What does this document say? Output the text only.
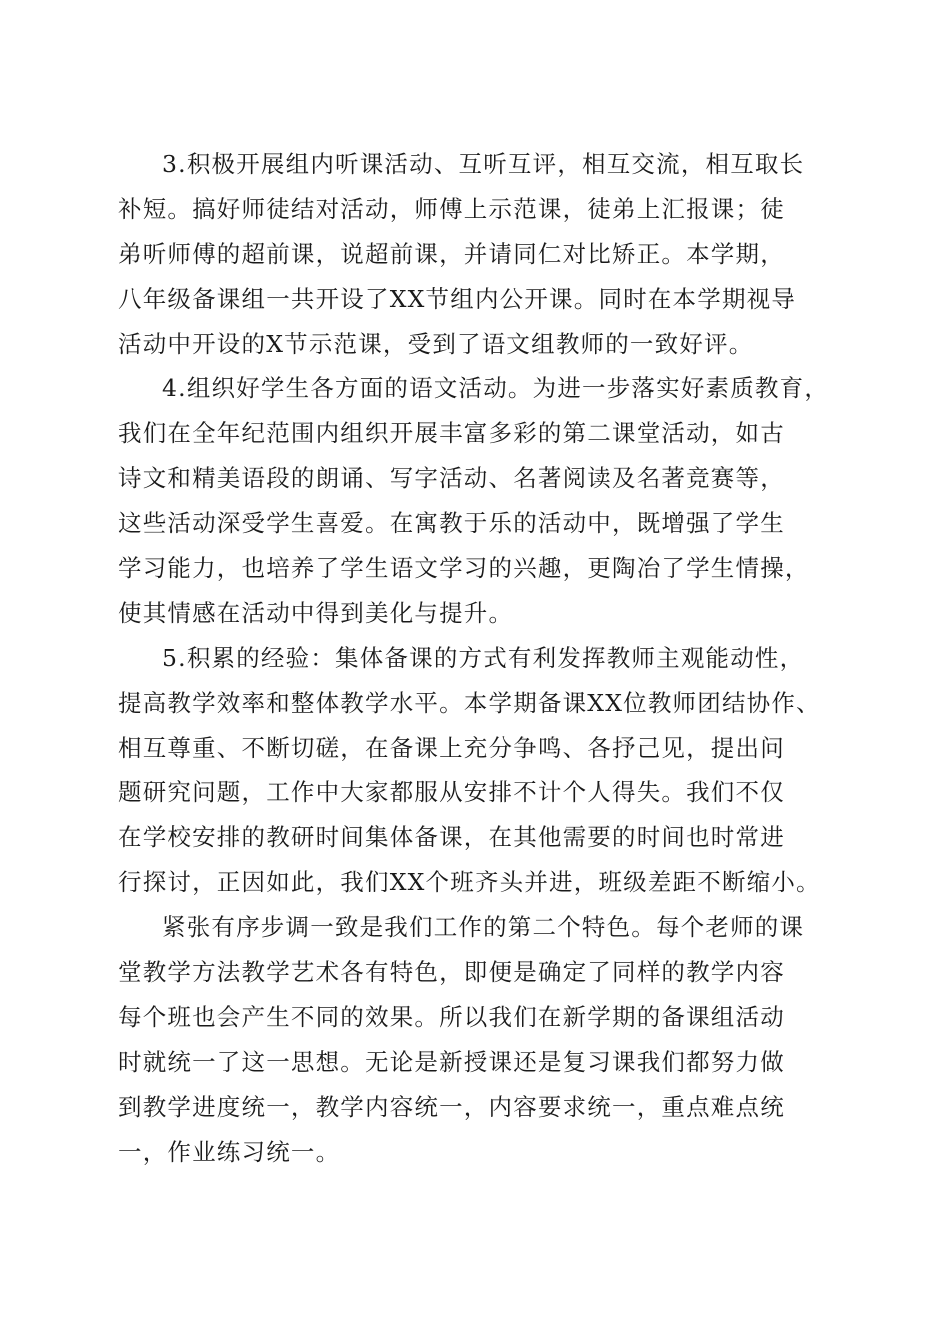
3.积极开展组内听课活动、互听互评，相互交流，相互取长
补短。搞好师徒结对活动，师傅上示范课，徒弟上汇报课；徒
弟听师傅的超前课，说超前课，并请同仁对比矫正。本学期，
八年级备课组一共开设了XX节组内公开课。同时在本学期视导
活动中开设的X节示范课，受到了语文组教师的一致好评。
4.组织好学生各方面的语文活动。为进一步落实好素质教育，
我们在全年纪范围内组织开展丰富多彩的第二课堂活动，如古
诗文和精美语段的朗诵、写字活动、名著阅读及名著竞赛等，
这些活动深受学生喜爱。在寓教于乐的活动中，既增强了学生
学习能力，也培养了学生语文学习的兴趣，更陶冶了学生情操，
使其情感在活动中得到美化与提升。
5.积累的经验：集体备课的方式有利发挥教师主观能动性，
提高教学效率和整体教学水平。本学期备课XX位教师团结协作、
相互尊重、不断切磋，在备课上充分争鸣、各抒己见，提出问
题研究问题，工作中大家都服从安排不计个人得失。我们不仅
在学校安排的教研时间集体备课，在其他需要的时间也时常进
行探讨，正因如此，我们XX个班齐头并进，班级差距不断缩小。
紧张有序步调一致是我们工作的第二个特色。每个老师的课
堂教学方法教学艺术各有特色，即便是确定了同样的教学内容
每个班也会产生不同的效果。所以我们在新学期的备课组活动
时就统一了这一思想。无论是新授课还是复习课我们都努力做
到教学进度统一，教学内容统一，内容要求统一，重点难点统
一，作业练习统一。
